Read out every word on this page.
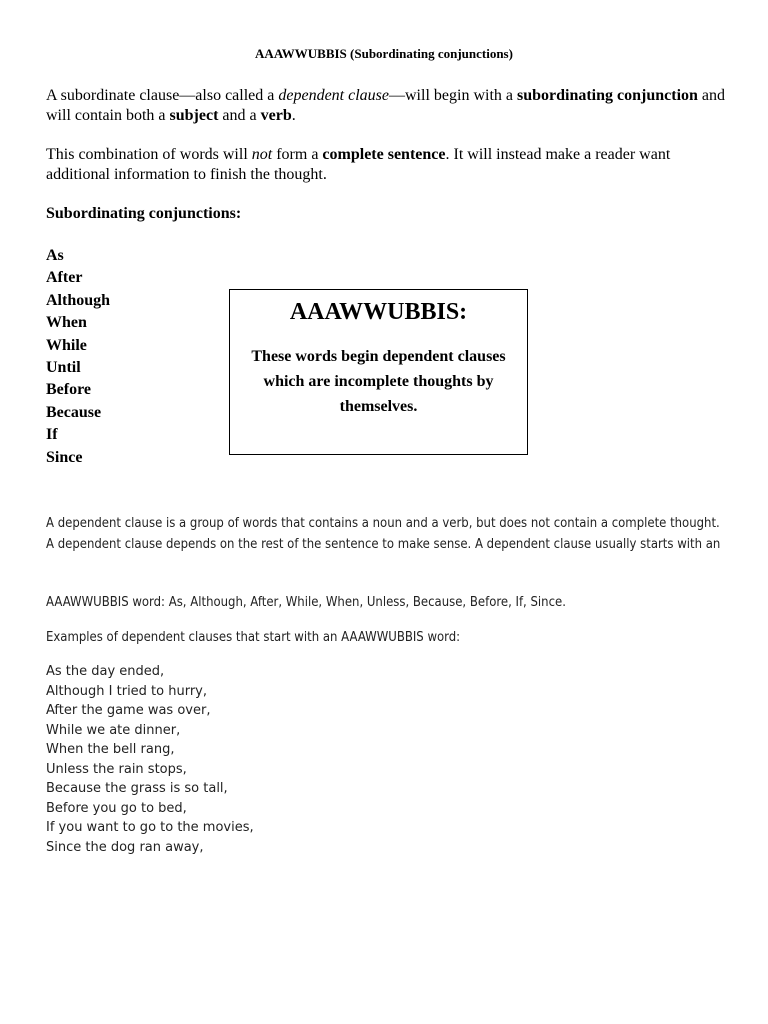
AAAWWUBBIS (Subordinating conjunctions)
A subordinate clause—also called a dependent clause—will begin with a subordinating conjunction and will contain both a subject and a verb.
This combination of words will not form a complete sentence. It will instead make a reader want additional information to finish the thought.
Subordinating conjunctions:
As
After
Although
When
While
Until
Before
Because
If
Since
AAAWWUBBIS:
These words begin dependent clauses which are incomplete thoughts by themselves.
A dependent clause is a group of words that contains a noun and a verb, but does not contain a complete thought. A dependent clause depends on the rest of the sentence to make sense. A dependent clause usually starts with an
AAAWWUBBIS word: As, Although, After, While, When, Unless, Because, Before, If, Since.
Examples of dependent clauses that start with an AAAWWUBBIS word:
As the day ended,
Although I tried to hurry,
After the game was over,
While we ate dinner,
When the bell rang,
Unless the rain stops,
Because the grass is so tall,
Before you go to bed,
If you want to go to the movies,
Since the dog ran away,
